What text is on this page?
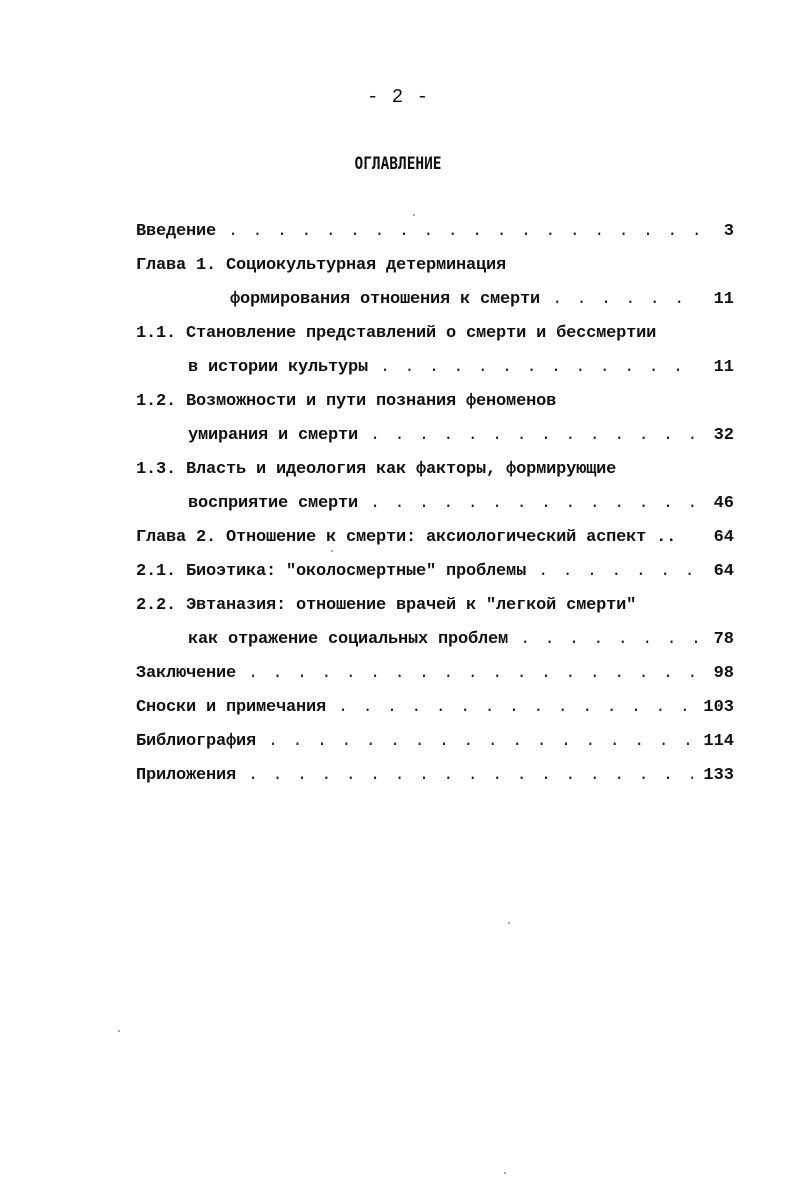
- 2 -
ОГЛАВЛЕНИЕ
Введение . . .	3
Глава 1. Социокультурная детерминация
формирования отношения к смерти . . .	11
1.1. Становление представлений о смерти и бессмертии
в истории культуры . . .	11
1.2. Возможности и пути познания феноменов
умирания и смерти . . .	32
1.3. Власть и идеология как факторы, формирующие
восприятие смерти . . .	46
Глава 2. Отношение к смерти: аксиологический аспект .. 64
2.1. Биоэтика: "околосмертные" проблемы . . .	64
2.2. Эвтаназия: отношение врачей к "легкой смерти"
как отражение социальных проблем . . .	78
Заключение . . .	98
Сноски и примечания . . .	103
Библиография . . .	114
Приложения . . .	133
